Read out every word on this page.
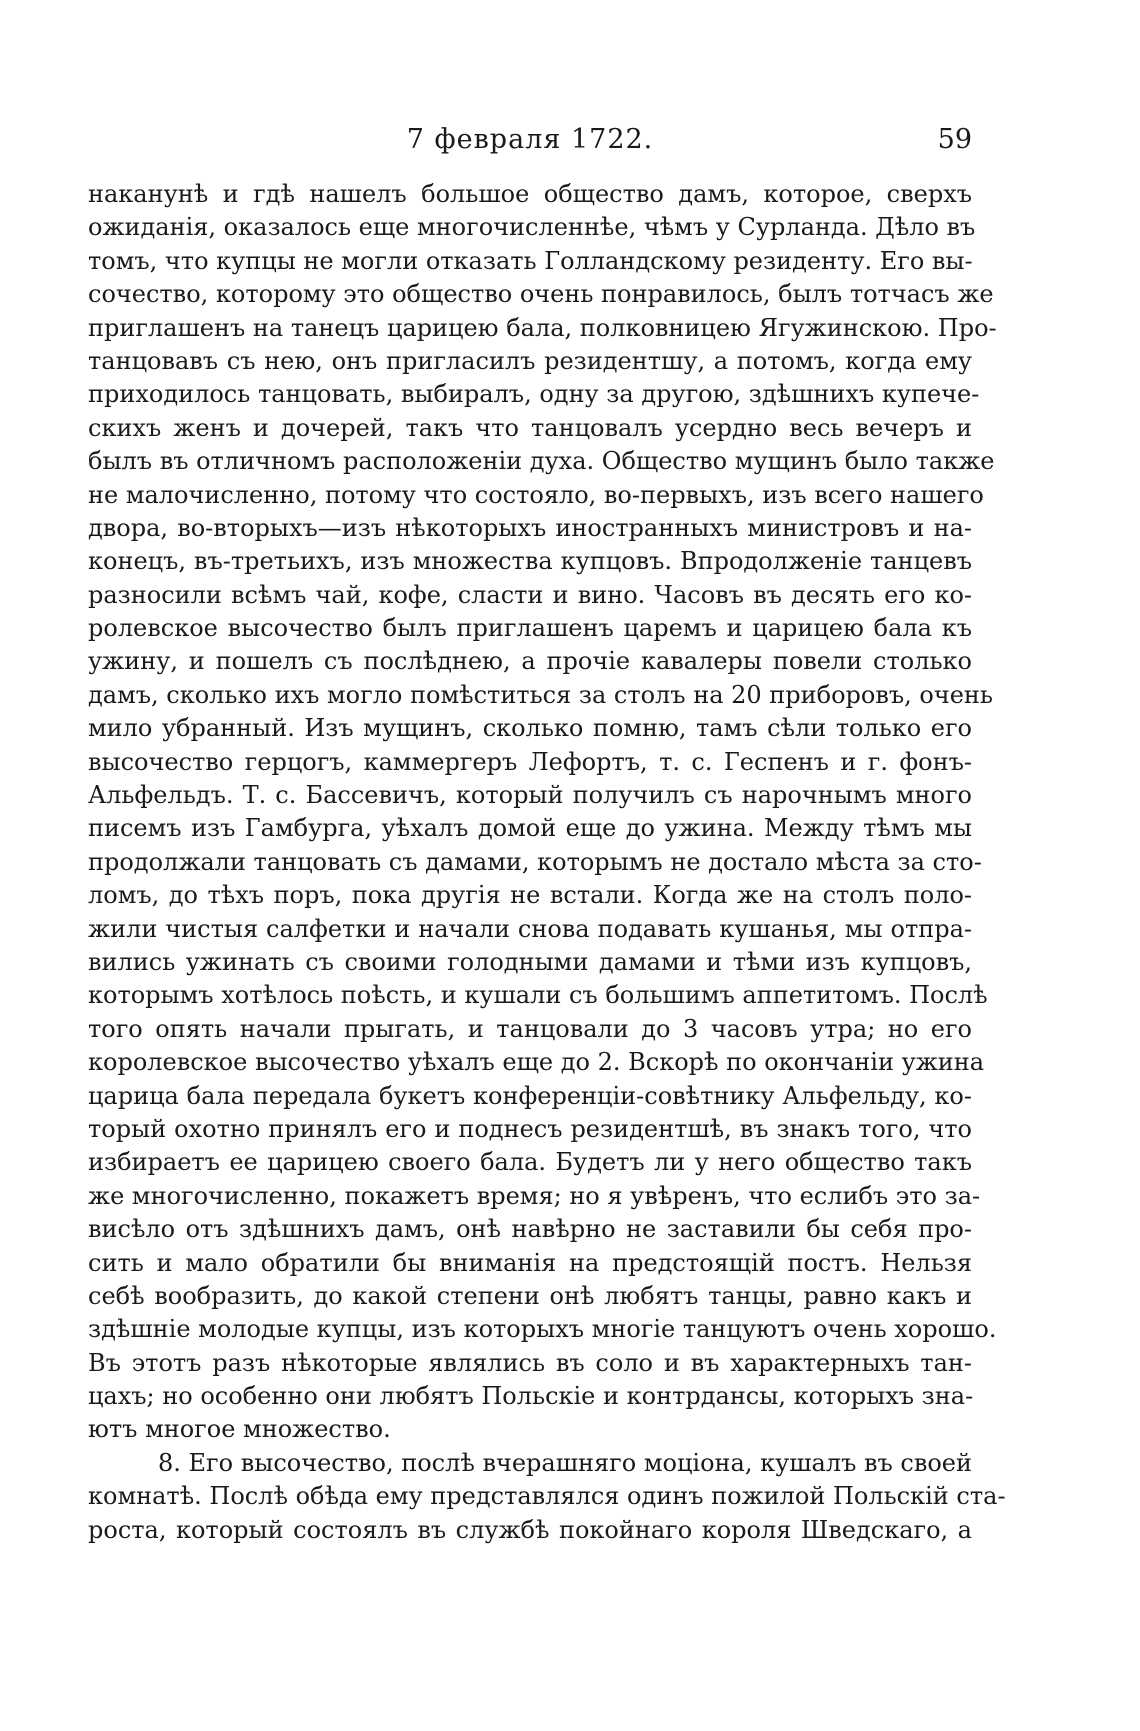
7 февраля 1722.	59
наканунѣ и гдѣ нашелъ большое общество дамъ, которое, сверхъ
ожиданія, оказалось еще многочисленнѣе, чѣмъ у Сурланда. Дѣло въ
томъ, что купцы не могли отказать Голландскому резиденту. Его вы-
сочество, которому это общество очень понравилось, былъ тотчасъ же
приглашенъ на танецъ царицею бала, полковницею Ягужинскою. Про-
танцовавъ съ нею, онъ пригласилъ резидентшу, а потомъ, когда ему
приходилось танцовать, выбиралъ, одну за другою, здѣшнихъ купече-
скихъ женъ и дочерей, такъ что танцовалъ усердно весь вечеръ и
былъ въ отличномъ расположеніи духа. Общество мущинъ было также
не малочисленно, потому что состояло, во-первыхъ, изъ всего нашего
двора, во-вторыхъ—изъ нѣкоторыхъ иностранныхъ министровъ и на-
конецъ, въ-третьихъ, изъ множества купцовъ. Впродолженіе танцевъ
разносили всѣмъ чай, кофе, сласти и вино. Часовъ въ десять его ко-
ролевское высочество былъ приглашенъ царемъ и царицею бала къ
ужину, и пошелъ съ послѣднею, а прочіе кавалеры повели столько
дамъ, сколько ихъ могло помѣститься за столъ на 20 приборовъ, очень
мило убранный. Изъ мущинъ, сколько помню, тамъ сѣли только его
высочество герцогъ, каммергеръ Лефортъ, т. с. Геспенъ и г. фонъ-
Альфельдъ. Т. с. Бассевичъ, который получилъ съ нарочнымъ много
писемъ изъ Гамбурга, уѣхалъ домой еще до ужина. Между тѣмъ мы
продолжали танцовать съ дамами, которымъ не достало мѣста за сто-
ломъ, до тѣхъ поръ, пока другія не встали. Когда же на столъ поло-
жили чистыя салфетки и начали снова подавать кушанья, мы отпра-
вились ужинать съ своими голодными дамами и тѣми изъ купцовъ,
которымъ хотѣлось поѣсть, и кушали съ большимъ аппетитомъ. Послѣ
того опять начали прыгать, и танцовали до 3 часовъ утра; но его
королевское высочество уѣхалъ еще до 2. Вскорѣ по окончаніи ужина
царица бала передала букетъ конференціи-совѣтнику Альфельду, ко-
торый охотно принялъ его и поднесъ резидентшѣ, въ знакъ того, что
избираетъ ее царицею своего бала. Будетъ ли у него общество такъ
же многочисленно, покажетъ время; но я увѣренъ, что еслибъ это за-
висѣло отъ здѣшнихъ дамъ, онѣ навѣрно не заставили бы себя про-
сить и мало обратили бы вниманія на предстоящій постъ. Нельзя
себѣ вообразить, до какой степени онѣ любятъ танцы, равно какъ и
здѣшніе молодые купцы, изъ которыхъ многіе танцуютъ очень хорошо.
Въ этотъ разъ нѣкоторые являлись въ соло и въ характерныхъ тан-
цахъ; но особенно они любятъ Польскіе и контрдансы, которыхъ зна-
ютъ многое множество.
8. Его высочество, послѣ вчерашняго моціона, кушалъ въ своей
комнатѣ. Послѣ обѣда ему представлялся одинъ пожилой Польскій ста-
роста, который состоялъ въ службѣ покойнаго короля Шведскаго, а
